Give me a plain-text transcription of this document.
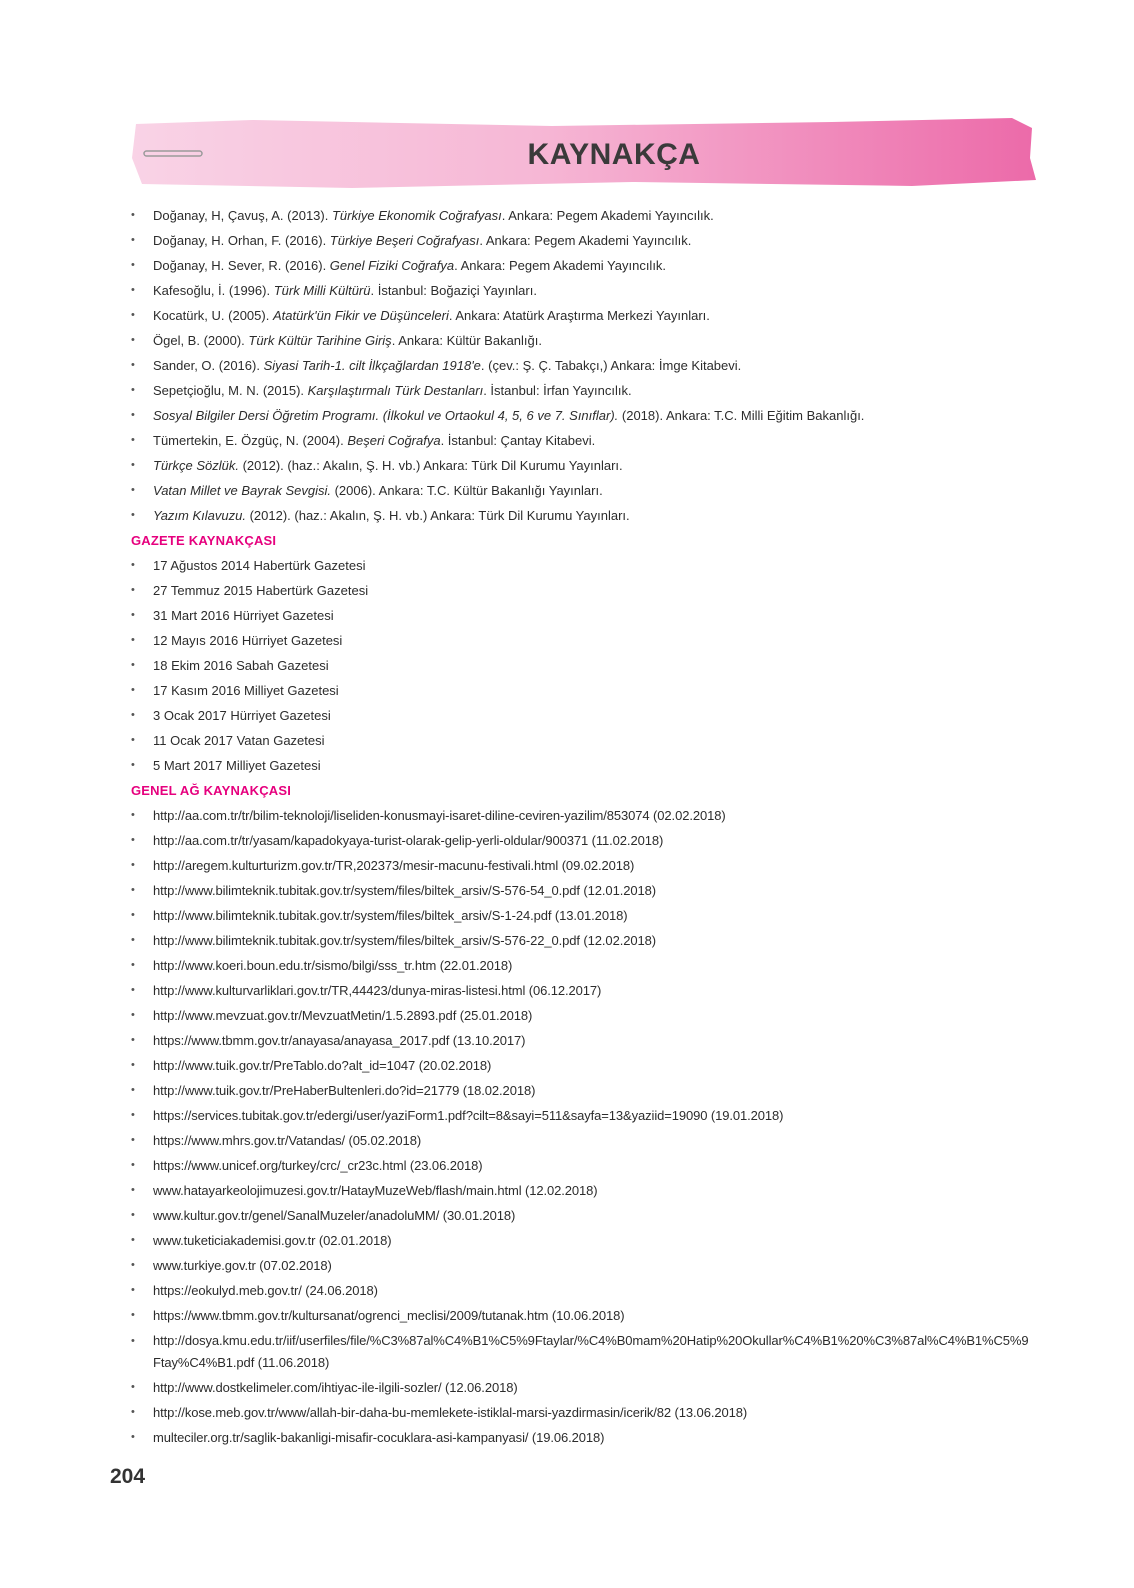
KAYNAKÇA
• Doğanay, H, Çavuş, A. (2013). Türkiye Ekonomik Coğrafyası. Ankara: Pegem Akademi Yayıncılık.
• Doğanay, H. Orhan, F. (2016). Türkiye Beşeri Coğrafyası. Ankara: Pegem Akademi Yayıncılık.
• Doğanay, H. Sever, R. (2016). Genel Fiziki Coğrafya. Ankara: Pegem Akademi Yayıncılık.
• Kafesoğlu, İ. (1996). Türk Milli Kültürü. İstanbul: Boğaziçi Yayınları.
• Kocatürk, U. (2005). Atatürk'ün Fikir ve Düşünceleri. Ankara: Atatürk Araştırma Merkezi Yayınları.
• Ögel, B. (2000). Türk Kültür Tarihine Giriş. Ankara: Kültür Bakanlığı.
• Sander, O. (2016). Siyasi Tarih-1. cilt İlkçağlardan 1918'e. (çev.: Ş. Ç. Tabakçı,) Ankara: İmge Kitabevi.
• Sepetçioğlu, M. N. (2015). Karşılaştırmalı Türk Destanları. İstanbul: İrfan Yayıncılık.
• Sosyal Bilgiler Dersi Öğretim Programı. (İlkokul ve Ortaokul 4, 5, 6 ve 7. Sınıflar). (2018). Ankara: T.C. Milli Eğitim Bakanlığı.
• Tümertekin, E. Özgüç, N. (2004). Beşeri Coğrafya. İstanbul: Çantay Kitabevi.
• Türkçe Sözlük. (2012). (haz.: Akalın, Ş. H. vb.) Ankara: Türk Dil Kurumu Yayınları.
• Vatan Millet ve Bayrak Sevgisi. (2006). Ankara: T.C. Kültür Bakanlığı Yayınları.
• Yazım Kılavuzu. (2012). (haz.: Akalın, Ş. H. vb.) Ankara: Türk Dil Kurumu Yayınları.
GAZETE KAYNAKÇASI
• 17 Ağustos 2014 Habertürk Gazetesi
• 27 Temmuz 2015 Habertürk Gazetesi
• 31 Mart 2016 Hürriyet Gazetesi
• 12 Mayıs 2016 Hürriyet Gazetesi
• 18 Ekim 2016 Sabah Gazetesi
• 17 Kasım 2016 Milliyet Gazetesi
• 3 Ocak 2017 Hürriyet Gazetesi
• 11 Ocak 2017 Vatan Gazetesi
• 5 Mart 2017 Milliyet Gazetesi
GENEL AĞ KAYNAKÇASI
• http://aa.com.tr/tr/bilim-teknoloji/liseliden-konusmayi-isaret-diline-ceviren-yazilim/853074 (02.02.2018)
• http://aa.com.tr/tr/yasam/kapadokyaya-turist-olarak-gelip-yerli-oldular/900371 (11.02.2018)
• http://aregem.kulturturizm.gov.tr/TR,202373/mesir-macunu-festivali.html (09.02.2018)
• http://www.bilimteknik.tubitak.gov.tr/system/files/biltek_arsiv/S-576-54_0.pdf (12.01.2018)
• http://www.bilimteknik.tubitak.gov.tr/system/files/biltek_arsiv/S-1-24.pdf (13.01.2018)
• http://www.bilimteknik.tubitak.gov.tr/system/files/biltek_arsiv/S-576-22_0.pdf (12.02.2018)
• http://www.koeri.boun.edu.tr/sismo/bilgi/sss_tr.htm (22.01.2018)
• http://www.kulturvarliklari.gov.tr/TR,44423/dunya-miras-listesi.html (06.12.2017)
• http://www.mevzuat.gov.tr/MevzuatMetin/1.5.2893.pdf (25.01.2018)
• https://www.tbmm.gov.tr/anayasa/anayasa_2017.pdf (13.10.2017)
• http://www.tuik.gov.tr/PreTablo.do?alt_id=1047 (20.02.2018)
• http://www.tuik.gov.tr/PreHaberBultenleri.do?id=21779 (18.02.2018)
• https://services.tubitak.gov.tr/edergi/user/yaziForm1.pdf?cilt=8&sayi=511&sayfa=13&yaziid=19090 (19.01.2018)
• https://www.mhrs.gov.tr/Vatandas/ (05.02.2018)
• https://www.unicef.org/turkey/crc/_cr23c.html (23.06.2018)
• www.hatayarkeolojimuzesi.gov.tr/HatayMuzeWeb/flash/main.html (12.02.2018)
• www.kultur.gov.tr/genel/SanalMuzeler/anadoluMM/ (30.01.2018)
• www.tuketiciakademisi.gov.tr (02.01.2018)
• www.turkiye.gov.tr (07.02.2018)
• https://eokulyd.meb.gov.tr/ (24.06.2018)
• https://www.tbmm.gov.tr/kultursanat/ogrenci_meclisi/2009/tutanak.htm (10.06.2018)
• http://dosya.kmu.edu.tr/iif/userfiles/file/%C3%87al%C4%B1%C5%9Ftaylar/%C4%B0mam%20Hatip%20Okullar%C4%B1%20%C3%87al%C4%B1%C5%9Ftay%C4%B1.pdf (11.06.2018)
• http://www.dostkelimeler.com/ihtiyac-ile-ilgili-sozler/ (12.06.2018)
• http://kose.meb.gov.tr/www/allah-bir-daha-bu-memlekete-istiklal-marsi-yazdirmasin/icerik/82 (13.06.2018)
• multeciler.org.tr/saglik-bakanligi-misafir-cocuklara-asi-kampanyasi/ (19.06.2018)
204
